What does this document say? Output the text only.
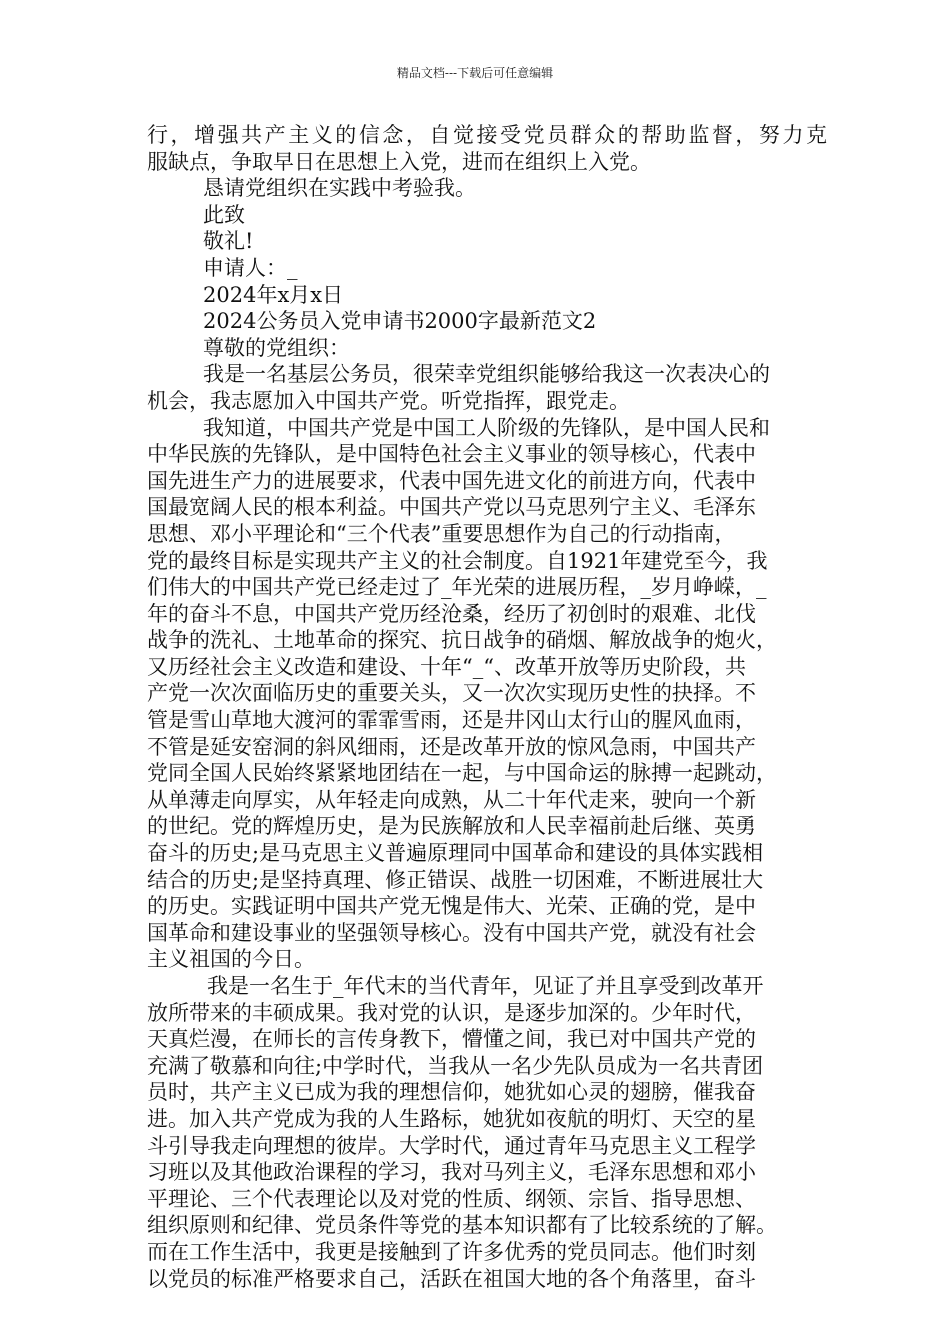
精品文档---下载后可任意编辑
行，增强共产主义的信念，自觉接受党员群众的帮助监督，努力克
服缺点，争取早日在思想上入党，进而在组织上入党。
恳请党组织在实践中考验我。
此致
敬礼!
申请人：_
2024年x月x日
2024公务员入党申请书2000字最新范文2
尊敬的党组织：
我是一名基层公务员，很荣幸党组织能够给我这一次表决心的
机会，我志愿加入中国共产党。听党指挥，跟党走。
我知道，中国共产党是中国工人阶级的先锋队，是中国人民和
中华民族的先锋队，是中国特色社会主义事业的领导核心，代表中
国先进生产力的进展要求，代表中国先进文化的前进方向，代表中
国最宽阔人民的根本利益。中国共产党以马克思列宁主义、毛泽东
思想、邓小平理论和“三个代表”重要思想作为自己的行动指南，
党的最终目标是实现共产主义的社会制度。自1921年建党至今，我
们伟大的中国共产党已经走过了_年光荣的进展历程，_岁月峥嵘，_
年的奋斗不息，中国共产党历经沧桑，经历了初创时的艰难、北伐
战争的洗礼、土地革命的探究、抗日战争的硝烟、解放战争的炮火，
又历经社会主义改造和建设、十年“_“、改革开放等历史阶段，共
产党一次次面临历史的重要关头，又一次次实现历史性的抉择。不
管是雪山草地大渡河的霏霏雪雨，还是井冈山太行山的腥风血雨，
不管是延安窑洞的斜风细雨，还是改革开放的惊风急雨，中国共产
党同全国人民始终紧紧地团结在一起，与中国命运的脉搏一起跳动，
从单薄走向厚实，从年轻走向成熟，从二十年代走来，驶向一个新
的世纪。党的辉煌历史，是为民族解放和人民幸福前赴后继、英勇
奋斗的历史;是马克思主义普遍原理同中国革命和建设的具体实践相
结合的历史;是坚持真理、修正错误、战胜一切困难，不断进展壮大
的历史。实践证明中国共产党无愧是伟大、光荣、正确的党，是中
国革命和建设事业的坚强领导核心。没有中国共产党，就没有社会
主义祖国的今日。
我是一名生于_年代末的当代青年，见证了并且享受到改革开
放所带来的丰硕成果。我对党的认识，是逐步加深的。少年时代，
天真烂漫，在师长的言传身教下，懵懂之间，我已对中国共产党的
充满了敬慕和向往;中学时代，当我从一名少先队员成为一名共青团
员时，共产主义已成为我的理想信仰，她犹如心灵的翅膀，催我奋
进。加入共产党成为我的人生路标，她犹如夜航的明灯、天空的星
斗引导我走向理想的彼岸。大学时代，通过青年马克思主义工程学
习班以及其他政治课程的学习，我对马列主义，毛泽东思想和邓小
平理论、三个代表理论以及对党的性质、纲领、宗旨、指导思想、
组织原则和纪律、党员条件等党的基本知识都有了比较系统的了解。
而在工作生活中，我更是接触到了许多优秀的党员同志。他们时刻
以党员的标准严格要求自己，活跃在祖国大地的各个角落里，奋斗
